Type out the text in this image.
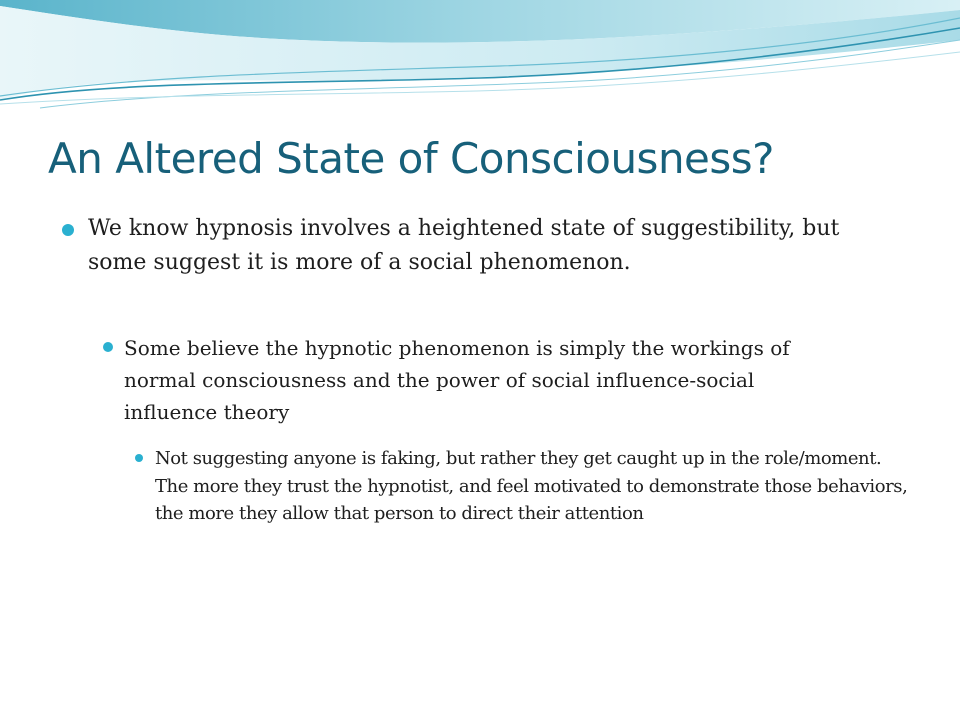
An Altered State of Consciousness?
We know hypnosis involves a heightened state of suggestibility, but some suggest it is more of a social phenomenon.
Some believe the hypnotic phenomenon is simply the workings of normal consciousness and the power of social influence-social influence theory
Not suggesting anyone is faking, but rather they get caught up in the role/moment. The more they trust the hypnotist, and feel motivated to demonstrate those behaviors, the more they allow that person to direct their attention
